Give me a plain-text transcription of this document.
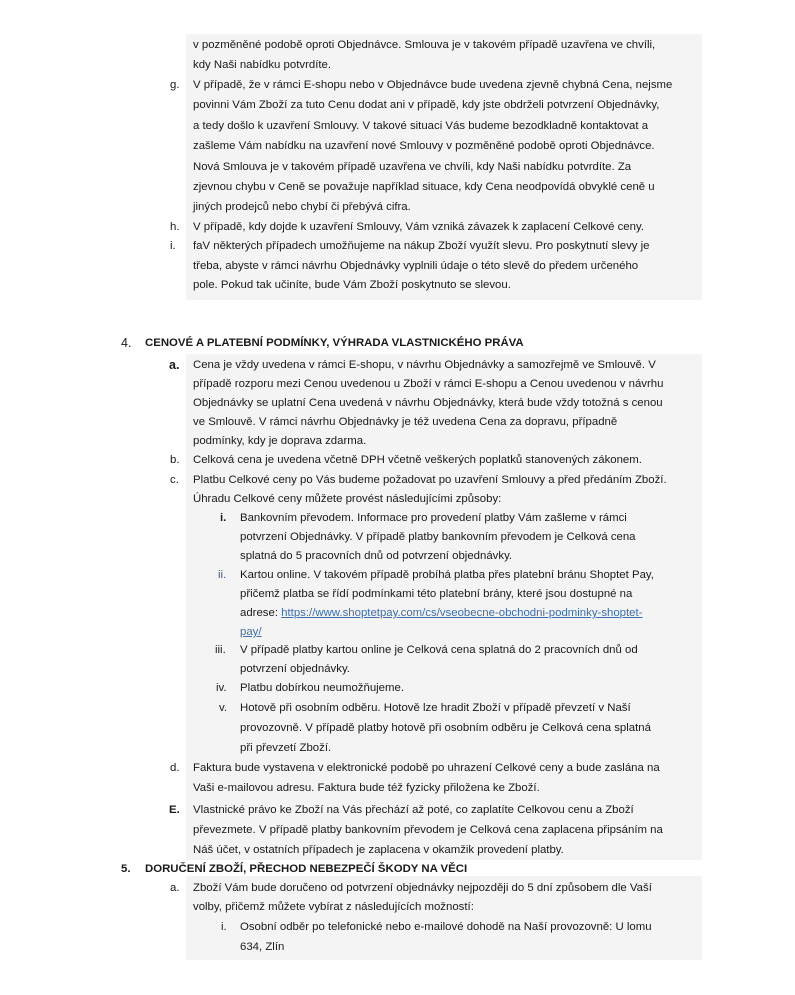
v pozměněné podobě oproti Objednávce. Smlouva je v takovém případě uzavřena ve chvíli,
kdy Naši nabídku potvrdíte.
g. V případě, že v rámci E-shopu nebo v Objednávce bude uvedena zjevně chybná Cena, nejsme
povinni Vám Zboží za tuto Cenu dodat ani v případě, kdy jste obdrželi potvrzení Objednávky,
a tedy došlo k uzavření Smlouvy. V takové situaci Vás budeme bezodkladně kontaktovat a
zašleme Vám nabídku na uzavření nové Smlouvy v pozměněné podobě oproti Objednávce.
Nová Smlouva je v takovém případě uzavřena ve chvíli, kdy Naši nabídku potvrdíte. Za
zjevnou chybu v Ceně se považuje například situace, kdy Cena neodpovídá obvyklé ceně u
jiných prodejců nebo chybí či přebývá cifra.
h. V případě, kdy dojde k uzavření Smlouvy, Vám vzniká závazek k zaplacení Celkové ceny.
i. faV některých případech umožňujeme na nákup Zboží využít slevu. Pro poskytnutí slevy je
třeba, abyste v rámci návrhu Objednávky vyplnili údaje o této slevě do předem určeného
pole. Pokud tak učiníte, bude Vám Zboží poskytnuto se slevou.
4. CENOVÉ A PLATEBNÍ PODMÍNKY, VÝHRADA VLASTNICKÉHO PRÁVA
a. Cena je vždy uvedena v rámci E-shopu, v návrhu Objednávky a samozřejmě ve Smlouvě. V
případě rozporu mezi Cenou uvedenou u Zboží v rámci E-shopu a Cenou uvedenou v návrhu
Objednávky se uplatní Cena uvedená v návrhu Objednávky, která bude vždy totožná s cenou
ve Smlouvě. V rámci návrhu Objednávky je též uvedena Cena za dopravu, případně
podmínky, kdy je doprava zdarma.
b. Celková cena je uvedena včetně DPH včetně veškerých poplatků stanovených zákonem.
c. Platbu Celkové ceny po Vás budeme požadovat po uzavření Smlouvy a před předáním Zboží.
Úhradu Celkové ceny můžete provést následujícími způsoby:
i. Bankovním převodem. Informace pro provedení platby Vám zašleme v rámci
potvrzení Objednávky. V případě platby bankovním převodem je Celková cena
splatná do 5 pracovních dnů od potvrzení objednávky.
ii. Kartou online. V takovém případě probíhá platba přes platební bránu Shoptet Pay,
přičemž platba se řídí podmínkami této platební brány, které jsou dostupné na
adrese: https://www.shoptetpay.com/cs/vseobecne-obchodni-podminky-shoptet-
pay/
iii. V případě platby kartou online je Celková cena splatná do 2 pracovních dnů od
potvrzení objednávky.
iv. Platbu dobírkou neumožňujeme.
v. Hotově při osobním odběru. Hotově lze hradit Zboží v případě převzetí v Naší
provozovně. V případě platby hotově při osobním odběru je Celková cena splatná
při převzetí Zboží.
d. Faktura bude vystavena v elektronické podobě po uhrazení Celkové ceny a bude zaslána na
Vaši e-mailovou adresu. Faktura bude též fyzicky přiložena ke Zboží.
E. Vlastnické právo ke Zboží na Vás přechází až poté, co zaplatíte Celkovou cenu a Zboží
převezmete. V případě platby bankovním převodem je Celková cena zaplacena připsáním na
Náš účet, v ostatních případech je zaplacena v okamžik provedení platby.
5. DORUČENÍ ZBOŽÍ, PŘECHOD NEBEZPEČÍ ŠKODY NA VĚCI
a. Zboží Vám bude doručeno od potvrzení objednávky nejpozději do 5 dní způsobem dle Vaší
volby, přičemž můžete vybírat z následujících možností:
i. Osobní odběr po telefonické nebo e-mailové dohodě na Naší provozovně: U lomu
634, Zlín
